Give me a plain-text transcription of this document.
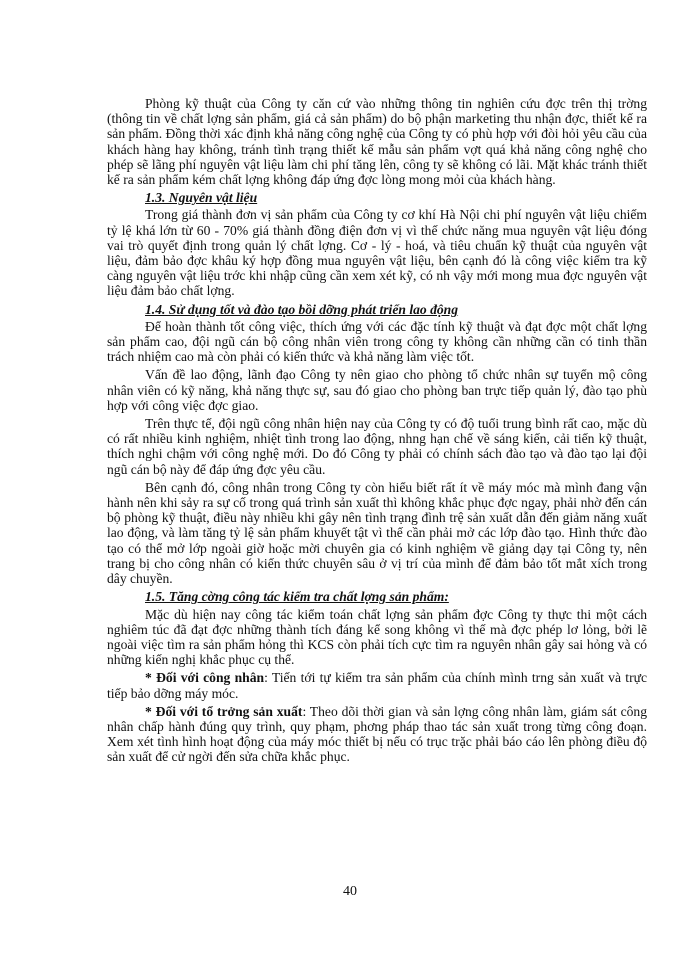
Phòng kỹ thuật của Công ty căn cứ vào những thông tin nghiên cứu đợc trên thị trờng (thông tin về chất lợng sản phẩm, giá cả sản phẩm) do bộ phận marketing thu nhận đợc, thiết kế ra sản phẩm. Đồng thời xác định khả năng công nghệ của Công ty có phù hợp với đòi hỏi yêu cầu của khách hàng hay không, tránh tình trạng thiết kế mẫu sản phẩm vợt quá khả năng công nghệ cho phép sẽ lãng phí nguyên vật liệu làm chi phí tăng lên, công ty sẽ không có lãi. Mặt khác tránh thiết kế ra sản phẩm kém chất lợng không đáp ứng đợc lòng mong mỏi của khách hàng.

1.3. Nguyên vật liệu

Trong giá thành đơn vị sản phẩm của Công ty cơ khí Hà Nội chi phí nguyên vật liệu chiếm tỷ lệ khá lớn từ 60 - 70% giá thành đồng điện đơn vị vì thế chức năng mua nguyên vật liệu đóng vai trò quyết định trong quản lý chất lợng. Cơ - lý - hoá, và tiêu chuẩn kỹ thuật của nguyên vật liệu, đảm bảo đợc khâu ký hợp đồng mua nguyên vật liệu, bên cạnh đó là công việc kiểm tra kỹ càng nguyên vật liệu trớc khi nhập cũng cần xem xét kỹ, có nh vậy mới mong mua đợc nguyên vật liệu đảm bảo chất lợng.

1.4. Sử dụng tốt và đào tạo bồi dỡng phát triển lao động

Để hoàn thành tốt công việc, thích ứng với các đặc tính kỹ thuật và đạt đợc một chất lợng sản phẩm cao, đội ngũ cán bộ công nhân viên trong công ty không cần những cần có tinh thần trách nhiệm cao mà còn phải có kiến thức và khả năng làm việc tốt.

Vấn đề lao động, lãnh đạo Công ty nên giao cho phòng tổ chức nhân sự tuyển mộ công nhân viên có kỹ năng, khả năng thực sự, sau đó giao cho phòng ban trực tiếp quản lý, đào tạo phù hợp với công việc đợc giao.

Trên thực tế, đội ngũ công nhân hiện nay của Công ty có độ tuổi trung bình rất cao, mặc dù có rất nhiều kinh nghiệm, nhiệt tình trong lao động, nhng hạn chế về sáng kiến, cải tiến kỹ thuật, thích nghi chậm với công nghệ mới. Do đó Công ty phải có chính sách đào tạo và đào tạo lại đội ngũ cán bộ này để đáp ứng đợc yêu cầu.

Bên cạnh đó, công nhân trong Công ty còn hiểu biết rất ít về máy móc mà mình đang vận hành nên khi sảy ra sự cố trong quá trình sản xuất thì không khắc phục đợc ngay, phải nhờ đến cán bộ phòng kỹ thuật, điều này nhiều khi gây nên tình trạng đình trệ sản xuất dẫn đến giảm năng xuất lao động, và làm tăng tỷ lệ sản phẩm khuyết tật vì thế cần phải mở các lớp đào tạo. Hình thức đào tạo có thể mở lớp ngoài giờ hoặc mời chuyên gia có kinh nghiệm về giảng dạy tại Công ty, nên trang bị cho công nhân có kiến thức chuyên sâu ở vị trí của mình để đảm bảo tốt mắt xích trong dây chuyền.

1.5. Tăng cờng công tác kiểm tra chất lợng sản phẩm:

Mặc dù hiện nay công tác kiểm toán chất lợng sản phẩm đợc Công ty thực thi một cách nghiêm túc đã đạt đợc những thành tích đáng kể song không vì thế mà đợc phép lơ lỏng, bởi lẽ ngoài việc tìm ra sản phẩm hỏng thì KCS còn phải tích cực tìm ra nguyên nhân gây sai hỏng và có những kiến nghị khắc phục cụ thể.

* Đối với công nhân: Tiến tới tự kiểm tra sản phẩm của chính mình trng sản xuất và trực tiếp bảo dỡng máy móc.

* Đối với tổ trởng sản xuất: Theo dõi thời gian và sản lợng công nhân làm, giám sát công nhân chấp hành đúng quy trình, quy phạm, phơng pháp thao tác sản xuất trong từng công đoạn. Xem xét tình hình hoạt động của máy móc thiết bị nếu có trục trặc phải báo cáo lên phòng điều độ sản xuất để cử ngời đến sửa chữa khắc phục.

40
